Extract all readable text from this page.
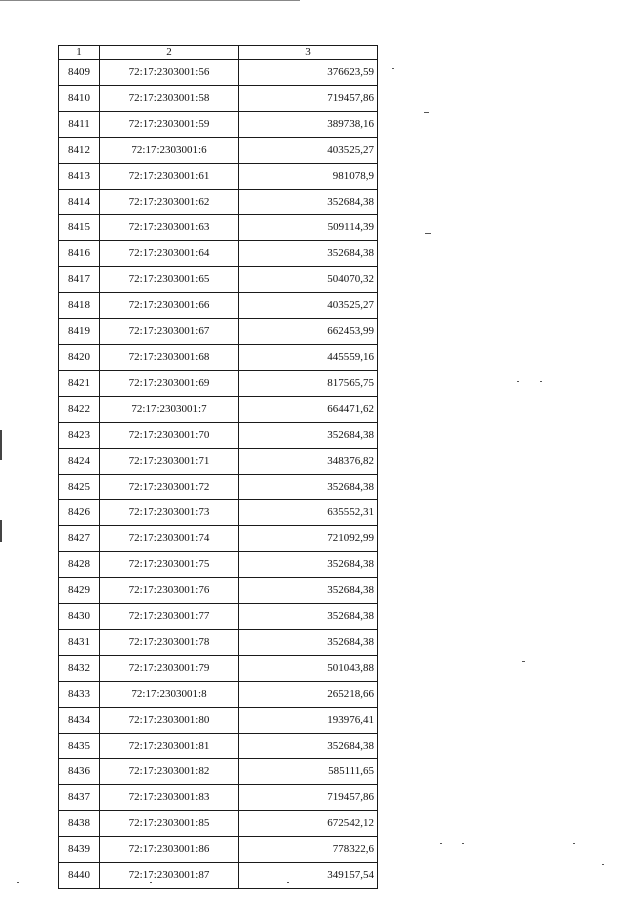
1	2	3
8409	72:17:2303001:56	376623,59
8410	72:17:2303001:58	719457,86
8411	72:17:2303001:59	389738,16
8412	72:17:2303001:6	403525,27
8413	72:17:2303001:61	981078,9
8414	72:17:2303001:62	352684,38
8415	72:17:2303001:63	509114,39
8416	72:17:2303001:64	352684,38
8417	72:17:2303001:65	504070,32
8418	72:17:2303001:66	403525,27
8419	72:17:2303001:67	662453,99
8420	72:17:2303001:68	445559,16
8421	72:17:2303001:69	817565,75
8422	72:17:2303001:7	664471,62
8423	72:17:2303001:70	352684,38
8424	72:17:2303001:71	348376,82
8425	72:17:2303001:72	352684,38
8426	72:17:2303001:73	635552,31
8427	72:17:2303001:74	721092,99
8428	72:17:2303001:75	352684,38
8429	72:17:2303001:76	352684,38
8430	72:17:2303001:77	352684,38
8431	72:17:2303001:78	352684,38
8432	72:17:2303001:79	501043,88
8433	72:17:2303001:8	265218,66
8434	72:17:2303001:80	193976,41
8435	72:17:2303001:81	352684,38
8436	72:17:2303001:82	585111,65
8437	72:17:2303001:83	719457,86
8438	72:17:2303001:85	672542,12
8439	72:17:2303001:86	778322,6
8440	72:17:2303001:87	349157,54
